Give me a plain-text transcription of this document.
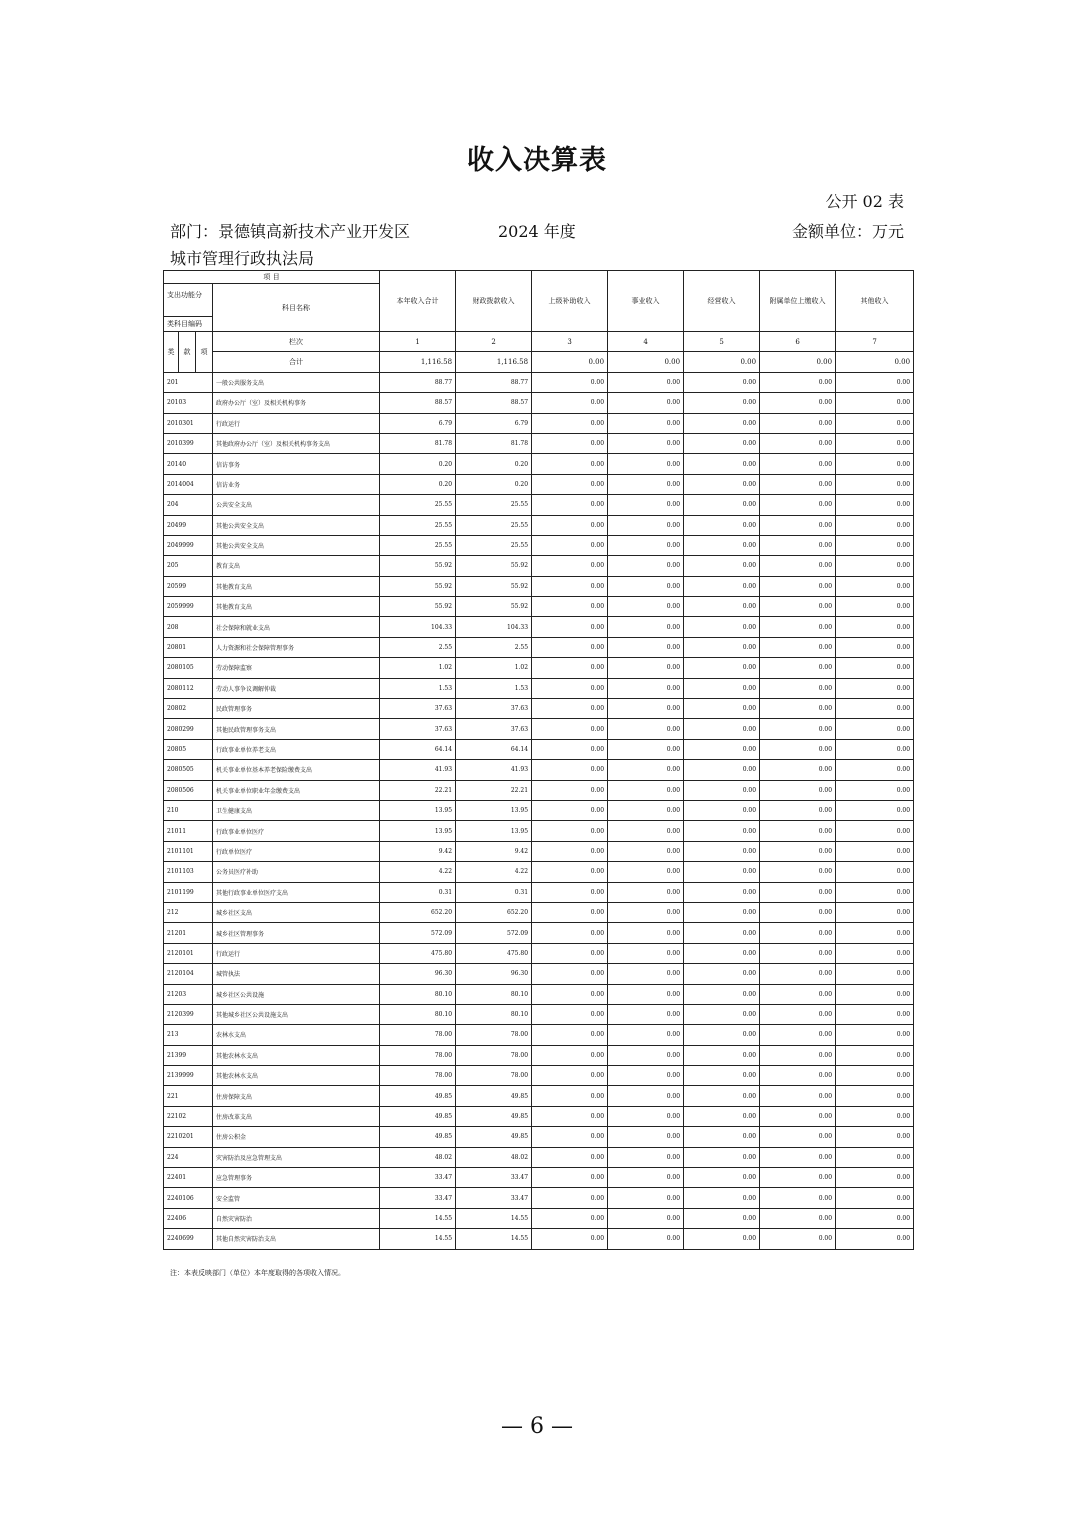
收入决算表
公开 02 表
部门：景德镇高新技术产业开发区
城市管理行政执法局
2024 年度	金额单位：万元
项 目				本年收入合计	财政拨款收入	上级补助收入	事业收入	经营收入	附属单位上缴收入	其他收入
支出功能分			科目名称							
类科目编码										
类	款	项	栏次	1	2	3	4	5	6	7
			合计	1,116.58	1,116.58	0.00	0.00	0.00	0.00	0.00
201			一般公共服务支出	88.77	88.77	0.00	0.00	0.00	0.00	0.00
20103			政府办公厅（室）及相关机构事务	88.57	88.57	0.00	0.00	0.00	0.00	0.00
2010301			行政运行	6.79	6.79	0.00	0.00	0.00	0.00	0.00
2010399			其他政府办公厅（室）及相关机构事务支出	81.78	81.78	0.00	0.00	0.00	0.00	0.00
20140			信访事务	0.20	0.20	0.00	0.00	0.00	0.00	0.00
2014004			信访业务	0.20	0.20	0.00	0.00	0.00	0.00	0.00
204			公共安全支出	25.55	25.55	0.00	0.00	0.00	0.00	0.00
20499			其他公共安全支出	25.55	25.55	0.00	0.00	0.00	0.00	0.00
2049999			其他公共安全支出	25.55	25.55	0.00	0.00	0.00	0.00	0.00
205			教育支出	55.92	55.92	0.00	0.00	0.00	0.00	0.00
20599			其他教育支出	55.92	55.92	0.00	0.00	0.00	0.00	0.00
2059999			其他教育支出	55.92	55.92	0.00	0.00	0.00	0.00	0.00
208			社会保障和就业支出	104.33	104.33	0.00	0.00	0.00	0.00	0.00
20801			人力资源和社会保障管理事务	2.55	2.55	0.00	0.00	0.00	0.00	0.00
2080105			劳动保障监察	1.02	1.02	0.00	0.00	0.00	0.00	0.00
2080112			劳动人事争议调解仲裁	1.53	1.53	0.00	0.00	0.00	0.00	0.00
20802			民政管理事务	37.63	37.63	0.00	0.00	0.00	0.00	0.00
2080299			其他民政管理事务支出	37.63	37.63	0.00	0.00	0.00	0.00	0.00
20805			行政事业单位养老支出	64.14	64.14	0.00	0.00	0.00	0.00	0.00
2080505			机关事业单位基本养老保险缴费支出	41.93	41.93	0.00	0.00	0.00	0.00	0.00
2080506			机关事业单位职业年金缴费支出	22.21	22.21	0.00	0.00	0.00	0.00	0.00
210			卫生健康支出	13.95	13.95	0.00	0.00	0.00	0.00	0.00
21011			行政事业单位医疗	13.95	13.95	0.00	0.00	0.00	0.00	0.00
2101101			行政单位医疗	9.42	9.42	0.00	0.00	0.00	0.00	0.00
2101103			公务员医疗补助	4.22	4.22	0.00	0.00	0.00	0.00	0.00
2101199			其他行政事业单位医疗支出	0.31	0.31	0.00	0.00	0.00	0.00	0.00
212			城乡社区支出	652.20	652.20	0.00	0.00	0.00	0.00	0.00
21201			城乡社区管理事务	572.09	572.09	0.00	0.00	0.00	0.00	0.00
2120101			行政运行	475.80	475.80	0.00	0.00	0.00	0.00	0.00
2120104			城管执法	96.30	96.30	0.00	0.00	0.00	0.00	0.00
21203			城乡社区公共设施	80.10	80.10	0.00	0.00	0.00	0.00	0.00
2120399			其他城乡社区公共设施支出	80.10	80.10	0.00	0.00	0.00	0.00	0.00
213			农林水支出	78.00	78.00	0.00	0.00	0.00	0.00	0.00
21399			其他农林水支出	78.00	78.00	0.00	0.00	0.00	0.00	0.00
2139999			其他农林水支出	78.00	78.00	0.00	0.00	0.00	0.00	0.00
221			住房保障支出	49.85	49.85	0.00	0.00	0.00	0.00	0.00
22102			住房改革支出	49.85	49.85	0.00	0.00	0.00	0.00	0.00
2210201			住房公积金	49.85	49.85	0.00	0.00	0.00	0.00	0.00
224			灾害防治及应急管理支出	48.02	48.02	0.00	0.00	0.00	0.00	0.00
22401			应急管理事务	33.47	33.47	0.00	0.00	0.00	0.00	0.00
2240106			安全监管	33.47	33.47	0.00	0.00	0.00	0.00	0.00
22406			自然灾害防治	14.55	14.55	0.00	0.00	0.00	0.00	0.00
2240699			其他自然灾害防治支出	14.55	14.55	0.00	0.00	0.00	0.00	0.00
注：本表反映部门（单位）本年度取得的各项收入情况。
— 6 —
